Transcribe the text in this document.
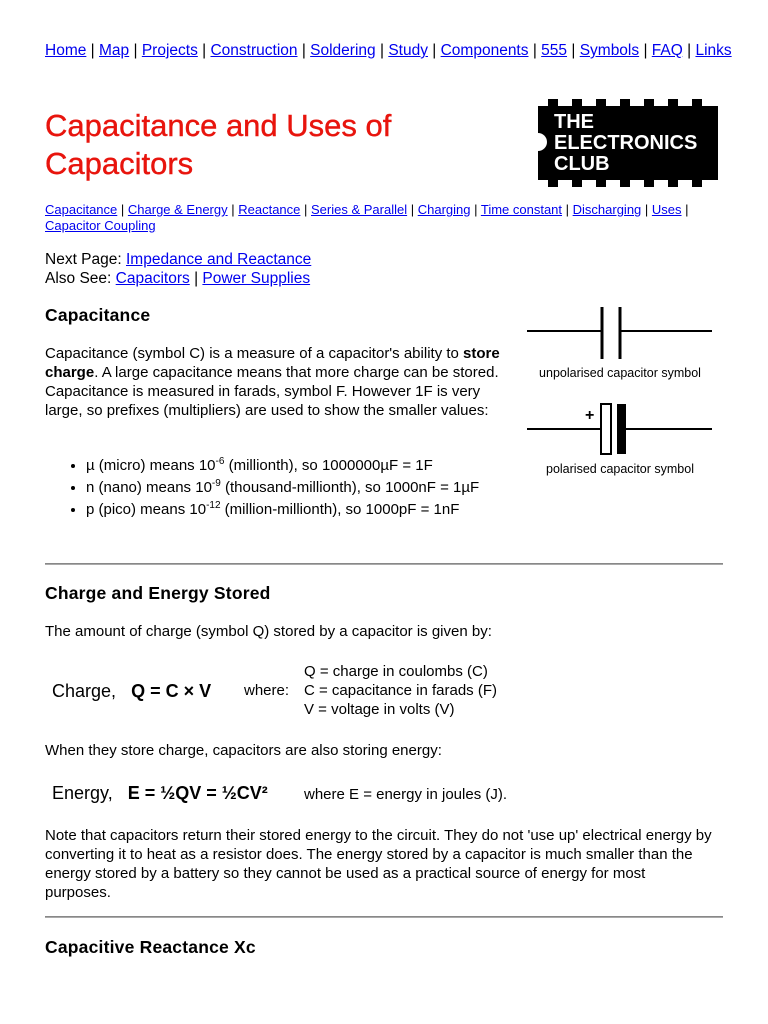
Home | Map | Projects | Construction | Soldering | Study | Components | 555 | Symbols | FAQ | Links
Capacitance and Uses of Capacitors
THE
ELECTRONICS
CLUB
Capacitance | Charge & Energy | Reactance | Series & Parallel | Charging | Time constant | Discharging | Uses | Capacitor Coupling
Next Page: Impedance and Reactance
Also See: Capacitors | Power Supplies
Capacitance
Capacitance (symbol C) is a measure of a capacitor's ability to store charge. A large capacitance means that more charge can be stored. Capacitance is measured in farads, symbol F. However 1F is very large, so prefixes (multipliers) are used to show the smaller values:
• µ (micro) means $10^{-6}$ (millionth), so 1000000µF = 1F
• n (nano) means $10^{-9}$ (thousand-millionth), so 1000nF = 1µF
• p (pico) means $10^{-12}$ (million-millionth), so 1000pF = 1nF
unpolarised capacitor symbol
+
polarised capacitor symbol
Charge and Energy Stored
The amount of charge (symbol Q) stored by a capacitor is given by:
Charge, Q = C × V where:
Q = charge in coulombs (C)
C = capacitance in farads (F)
V = voltage in volts (V)
When they store charge, capacitors are also storing energy:
Energy, E = ½QV = ½CV² where E = energy in joules (J).
Note that capacitors return their stored energy to the circuit. They do not 'use up' electrical energy by converting it to heat as a resistor does. The energy stored by a capacitor is much smaller than the energy stored by a battery so they cannot be used as a practical source of energy for most purposes.
Capacitive Reactance Xc
